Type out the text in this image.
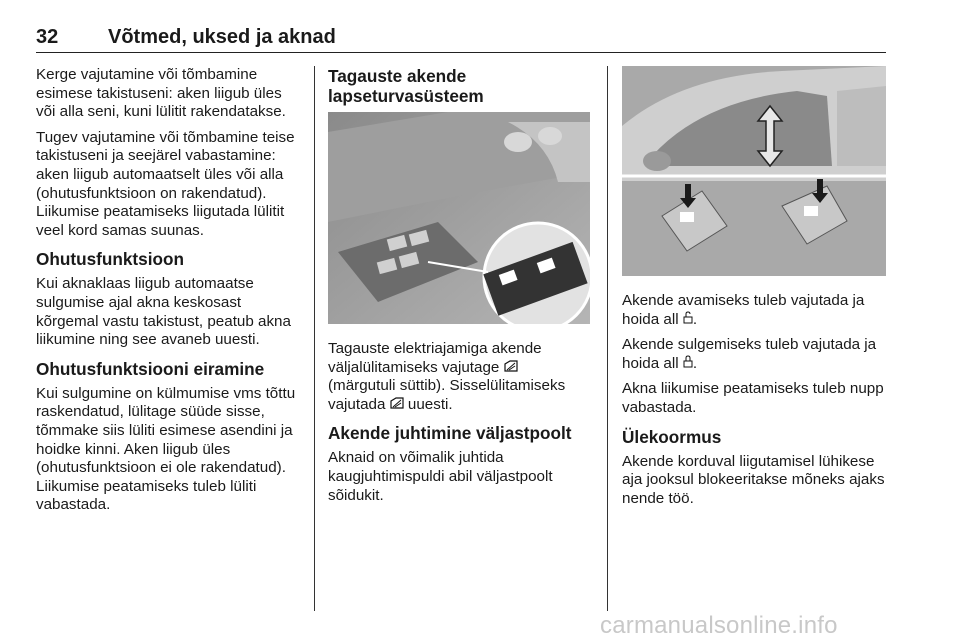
32 Võtmed, uksed ja aknad

Kerge vajutamine või tõmbamine esimese takistuseni: aken liigub üles või alla seni, kuni lülitit rakendatakse.

Tugev vajutamine või tõmbamine teise takistuseni ja seejärel vabastamine: aken liigub automaatselt üles või alla (ohutusfunktsioon on rakendatud). Liikumise peatamiseks liigutada lülitit veel kord samas suunas.

Ohutusfunktsioon

Kui aknaklaas liigub automaatse sulgumise ajal akna keskosast kõrgemal vastu takistust, peatub akna liikumine ning see avaneb uuesti.

Ohutusfunktsiooni eiramine

Kui sulgumine on külmumise vms tõttu raskendatud, lülitage süüde sisse, tõmmake siis lüliti esimese asendini ja hoidke kinni. Aken liigub üles (ohutusfunktsioon ei ole rakendatud). Liikumise peatamiseks tuleb lüliti vabastada.

Tagauste akende
lapseturvasüsteem

Tagauste elektriajamiga akende väljalülitamiseks vajutage
(märgutuli süttib). Sisselülitamiseks vajutada uuesti.

Akende juhtimine väljastpoolt

Aknaid on võimalik juhtida kaugjuhtimispuldi abil väljastpoolt sõidukit.

Akende avamiseks tuleb vajutada ja hoida all .

Akende sulgemiseks tuleb vajutada ja hoida all .

Akna liikumise peatamiseks tuleb nupp vabastada.

Ülekoormus

Akende korduval liigutamisel lühikese aja jooksul blokeeritakse mõneks ajaks nende töö.

carmanualsonline.info
